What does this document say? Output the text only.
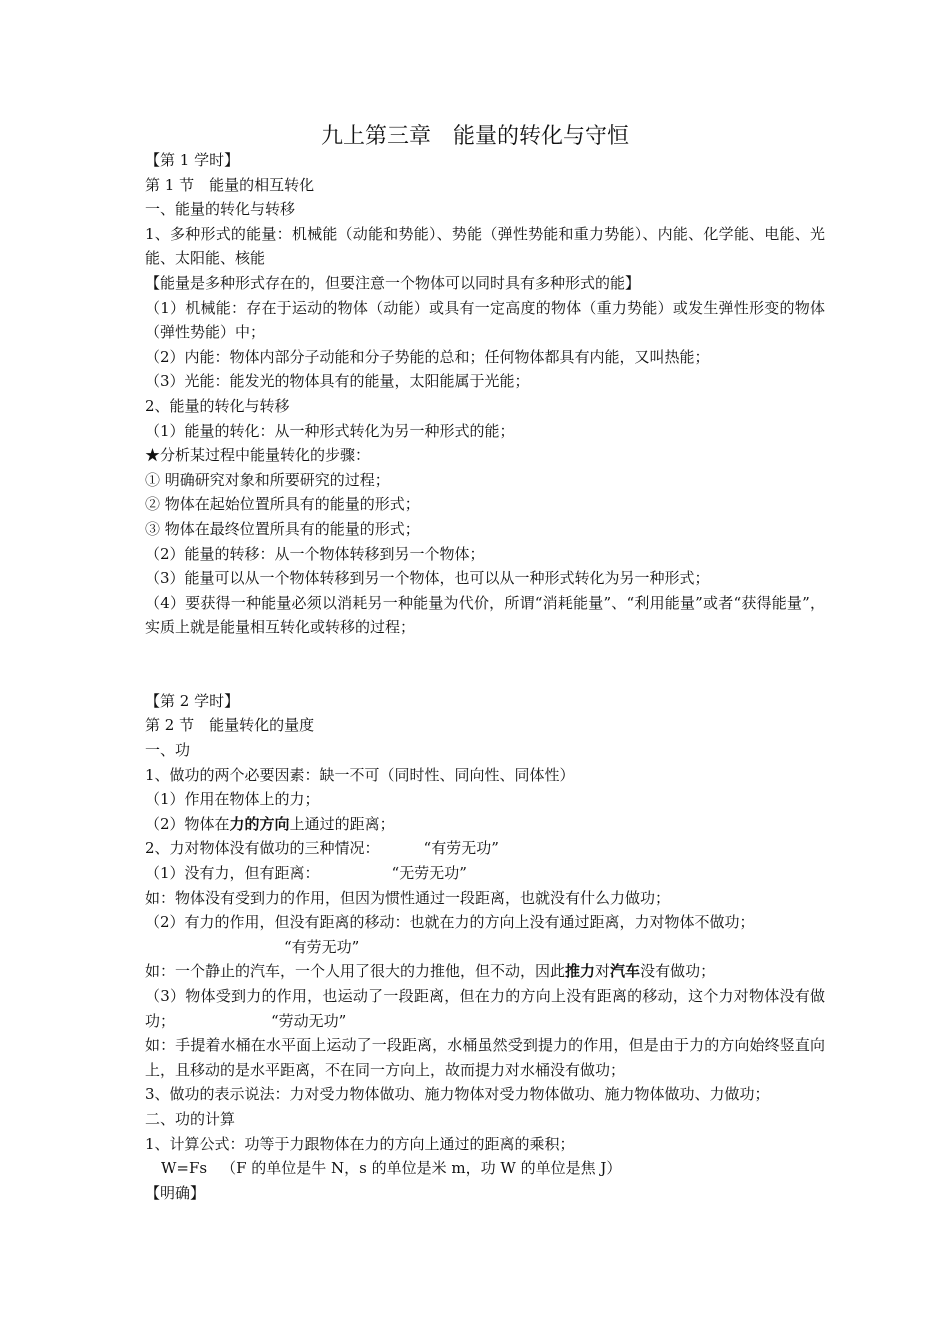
九上第三章　能量的转化与守恒
【第 1 学时】
第 1 节　能量的相互转化
一、能量的转化与转移
1、多种形式的能量：机械能（动能和势能）、势能（弹性势能和重力势能）、内能、化学能、电能、光能、太阳能、核能
【能量是多种形式存在的，但要注意一个物体可以同时具有多种形式的能】
（1）机械能：存在于运动的物体（动能）或具有一定高度的物体（重力势能）或发生弹性形变的物体（弹性势能）中；
（2）内能：物体内部分子动能和分子势能的总和；任何物体都具有内能，又叫热能；
（3）光能：能发光的物体具有的能量，太阳能属于光能；
2、能量的转化与转移
（1）能量的转化：从一种形式转化为另一种形式的能；
★分析某过程中能量转化的步骤：
① 明确研究对象和所要研究的过程；
② 物体在起始位置所具有的能量的形式；
③ 物体在最终位置所具有的能量的形式；
（2）能量的转移：从一个物体转移到另一个物体；
（3）能量可以从一个物体转移到另一个物体，也可以从一种形式转化为另一种形式；
（4）要获得一种能量必须以消耗另一种能量为代价，所谓“消耗能量”、“利用能量”或者“获得能量”，实质上就是能量相互转化或转移的过程；
【第 2 学时】
第 2 节　能量转化的量度
一、功
1、做功的两个必要因素：缺一不可（同时性、同向性、同体性）
（1）作用在物体上的力；
（2）物体在力的方向上通过的距离；
2、力对物体没有做功的三种情况：	“有劳无功”
（1）没有力，但有距离：	“无劳无功”
如：物体没有受到力的作用，但因为惯性通过一段距离，也就没有什么力做功；
（2）有力的作用，但没有距离的移动：也就在力的方向上没有通过距离，力对物体不做功；
“有劳无功”
如：一个静止的汽车，一个人用了很大的力推他，但不动，因此推力对汽车没有做功；
（3）物体受到力的作用，也运动了一段距离，但在力的方向上没有距离的移动，这个力对物体没有做功；	“劳动无功”
如：手提着水桶在水平面上运动了一段距离，水桶虽然受到提力的作用，但是由于力的方向始终竖直向上，且移动的是水平距离，不在同一方向上，故而提力对水桶没有做功；
3、做功的表示说法：力对受力物体做功、施力物体对受力物体做功、施力物体做功、力做功；
二、功的计算
1、计算公式：功等于力跟物体在力的方向上通过的距离的乘积；
W=Fs （F 的单位是牛 N，s 的单位是米 m，功 W 的单位是焦 J）
【明确】
